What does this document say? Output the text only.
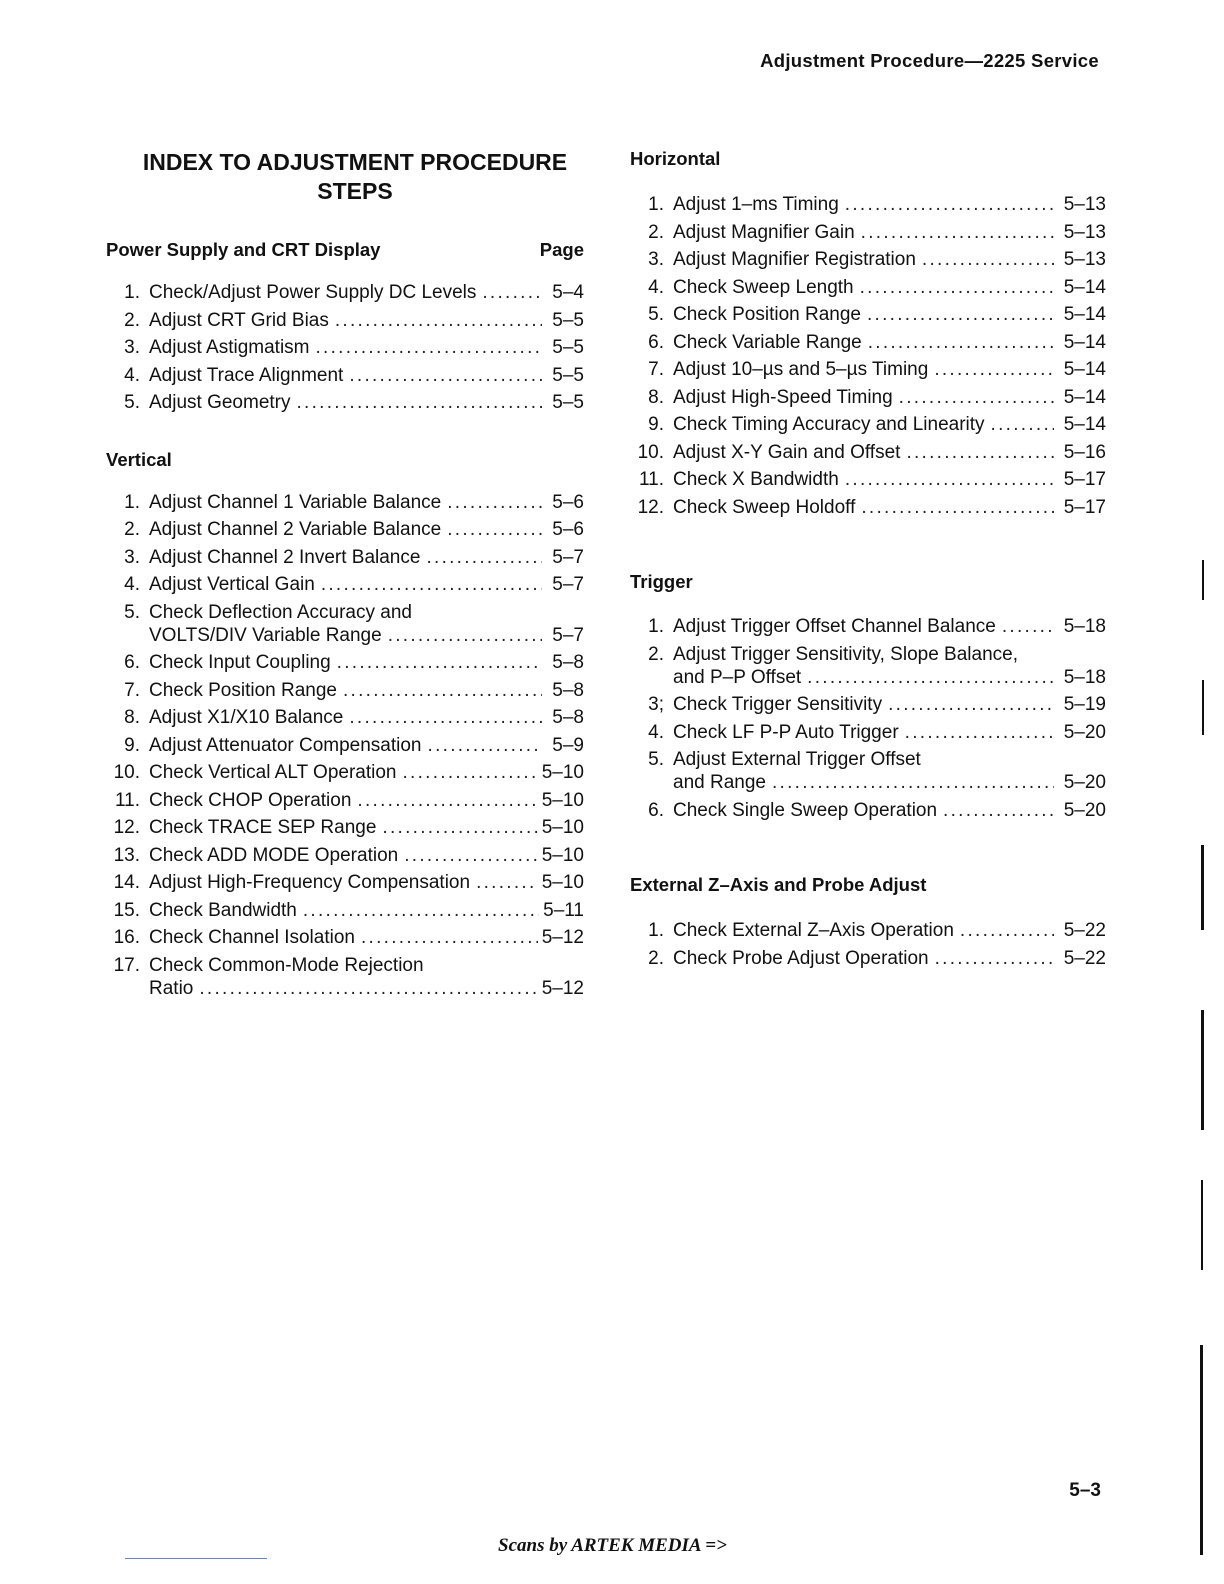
Adjustment Procedure—2225 Service
INDEX TO ADJUSTMENT PROCEDURE
STEPS
Power Supply and CRT Display	Page
1. Check/Adjust Power Supply DC Levels . . .	5–4
2. Adjust CRT Grid Bias . . .	5–5
3. Adjust Astigmatism . . .	5–5
4. Adjust Trace Alignment . . .	5–5
5. Adjust Geometry . . .	5–5
Vertical
1. Adjust Channel 1 Variable Balance . . .	5–6
2. Adjust Channel 2 Variable Balance . . .	5–6
3. Adjust Channel 2 Invert Balance . . .	5–7
4. Adjust Vertical Gain . . .	5–7
5. Check Deflection Accuracy and
VOLTS/DIV Variable Range . . .	5–7
6. Check Input Coupling . . .	5–8
7. Check Position Range . . .	5–8
8. Adjust X1/X10 Balance . . .	5–8
9. Adjust Attenuator Compensation . . .	5–9
10. Check Vertical ALT Operation . . .	5–10
11. Check CHOP Operation . . .	5–10
12. Check TRACE SEP Range . . .	5–10
13. Check ADD MODE Operation . . .	5–10
14. Adjust High-Frequency Compensation . . .	5–10
15. Check Bandwidth . . .	5–11
16. Check Channel Isolation . . .	5–12
17. Check Common-Mode Rejection
Ratio . . .	5–12
Horizontal
1. Adjust 1–ms Timing . . .	5–13
2. Adjust Magnifier Gain . . .	5–13
3. Adjust Magnifier Registration . . .	5–13
4. Check Sweep Length . . .	5–14
5. Check Position Range . . .	5–14
6. Check Variable Range . . .	5–14
7. Adjust 10–µs and 5–µs Timing . . .	5–14
8. Adjust High-Speed Timing . . .	5–14
9. Check Timing Accuracy and Linearity . . .	5–14
10. Adjust X-Y Gain and Offset . . .	5–16
11. Check X Bandwidth . . .	5–17
12. Check Sweep Holdoff . . .	5–17
Trigger
1. Adjust Trigger Offset Channel Balance . . .	5–18
2. Adjust Trigger Sensitivity, Slope Balance,
and P–P Offset . . .	5–18
3; Check Trigger Sensitivity . . .	5–19
4. Check LF P-P Auto Trigger . . .	5–20
5. Adjust External Trigger Offset
and Range . . .	5–20
6. Check Single Sweep Operation . . .	5–20
External Z–Axis and Probe Adjust
1. Check External Z–Axis Operation . . .	5–22
2. Check Probe Adjust Operation . . .	5–22
5–3
Scans by ARTEK MEDIA =>
